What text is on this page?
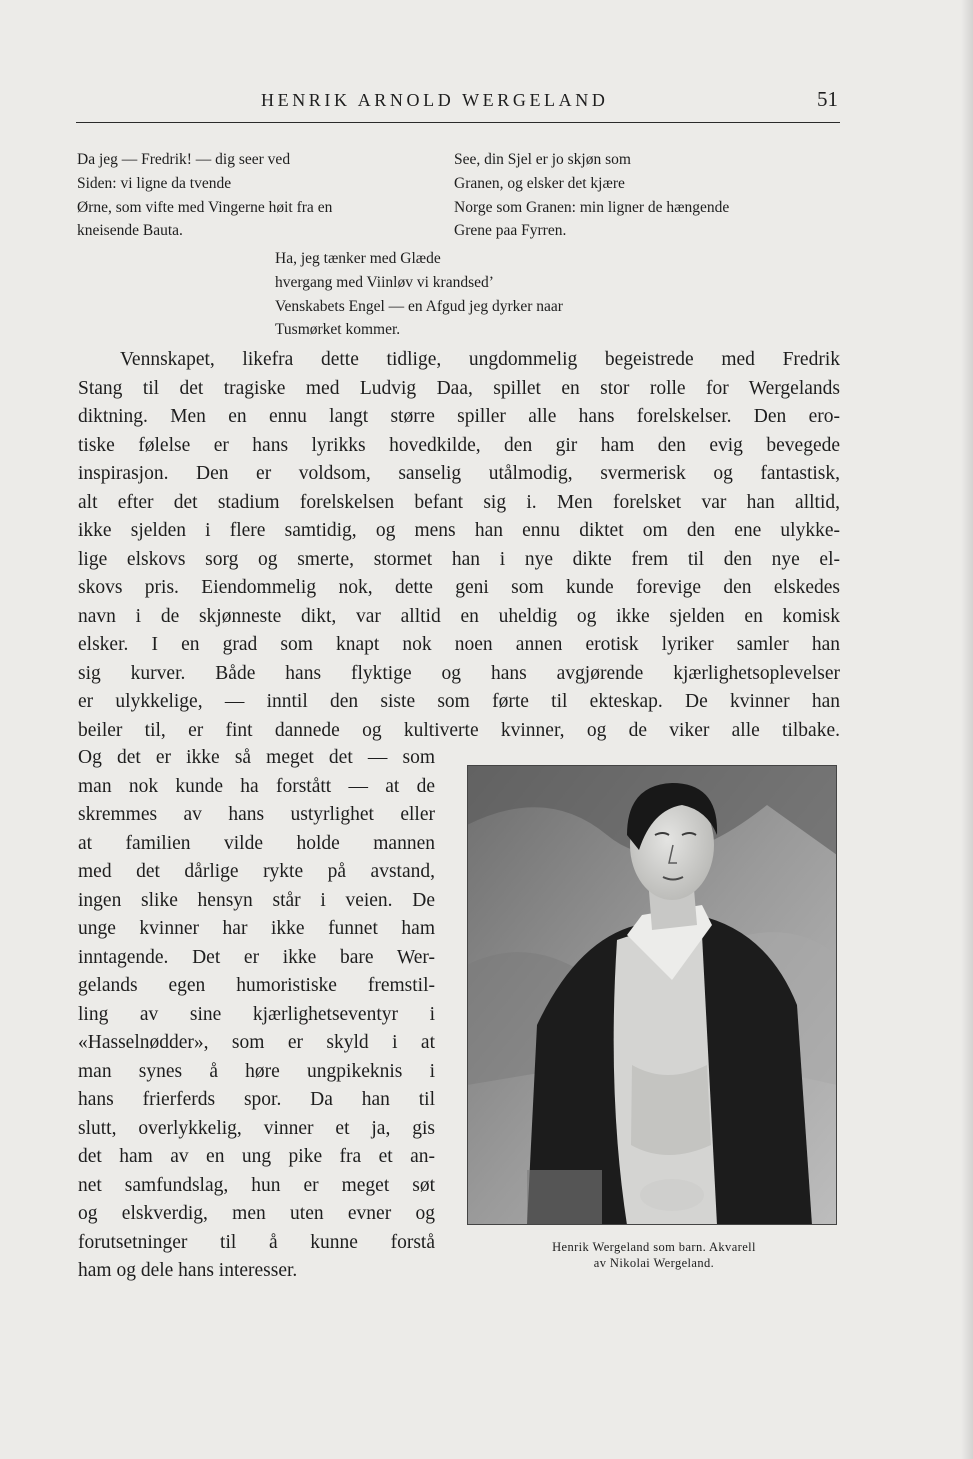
HENRIK ARNOLD WERGELAND	51
Da jeg — Fredrik! — dig seer ved
Siden: vi ligne da tvende
Ørne, som vifte med Vingerne høit fra en
kneisende Bauta.
See, din Sjel er jo skjøn som
Granen, og elsker det kjære
Norge som Granen: min ligner de hængende
Grene paa Fyrren.
Ha, jeg tænker med Glæde
hvergang med Viinløv vi krandsed’
Venskabets Engel — en Afgud jeg dyrker naar
Tusmørket kommer.
Vennskapet, likefra dette tidlige, ungdommelig begeistrede med Fredrik
Stang til det tragiske med Ludvig Daa, spillet en stor rolle for Wergelands
diktning. Men en ennu langt større spiller alle hans forelskelser. Den ero-
tiske følelse er hans lyrikks hovedkilde, den gir ham den evig bevegede
inspirasjon. Den er voldsom, sanselig utålmodig, svermerisk og fantastisk,
alt efter det stadium forelskelsen befant sig i. Men forelsket var han alltid,
ikke sjelden i flere samtidig, og mens han ennu diktet om den ene ulykke-
lige elskovs sorg og smerte, stormet han i nye dikte frem til den nye el-
skovs pris. Eiendommelig nok, dette geni som kunde forevige den elskedes
navn i de skjønneste dikt, var alltid en uheldig og ikke sjelden en komisk
elsker. I en grad som knapt nok noen annen erotisk lyriker samler han
sig kurver. Både hans flyktige og hans avgjørende kjærlighetsoplevelser
er ulykkelige, — inntil den siste som førte til ekteskap. De kvinner han
beiler til, er fint dannede og kultiverte kvinner, og de viker alle tilbake.
Og det er ikke så meget det — som
man nok kunde ha forstått — at de
skremmes av hans ustyrlighet eller
at familien vilde holde mannen
med det dårlige rykte på avstand,
ingen slike hensyn står i veien. De
unge kvinner har ikke funnet ham
inntagende. Det er ikke bare Wer-
gelands egen humoristiske fremstil-
ling av sine kjærlighetseventyr i
«Hasselnødder», som er skyld i at
man synes å høre ungpikeknis i
hans frierferds spor. Da han til
slutt, overlykkelig, vinner et ja, gis
det ham av en ung pike fra et an-
net samfundslag, hun er meget søt
og elskverdig, men uten evner og
forutsetninger til å kunne forstå
ham og dele hans interesser.
Henrik Wergeland som barn. Akvarell
av Nikolai Wergeland.
